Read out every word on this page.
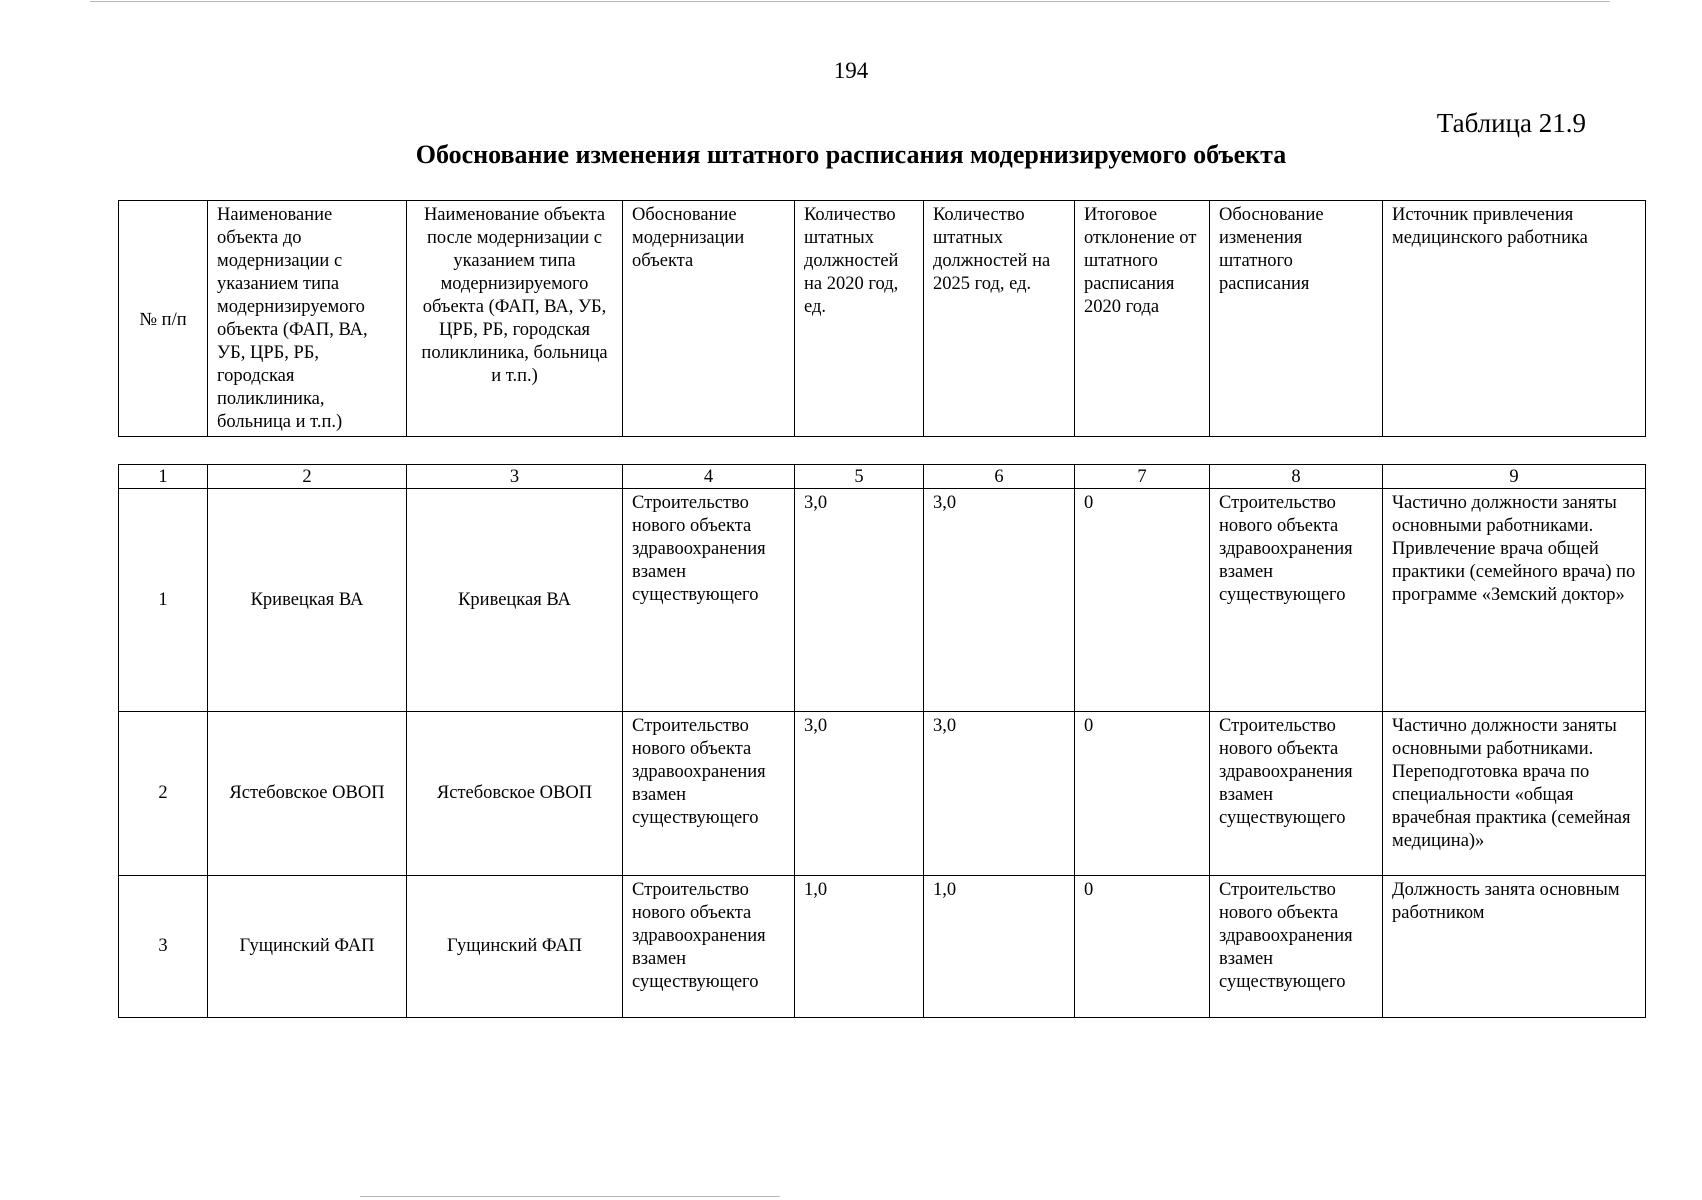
194
Таблица 21.9
Обоснование изменения штатного расписания модернизируемого объекта
№ п/п	Наименование объекта до модернизации с указанием типа модернизируемого объекта (ФАП, ВА, УБ, ЦРБ, РБ, городская поликлиника, больница и т.п.)	Наименование объекта после модернизации с указанием типа модернизируемого объекта (ФАП, ВА, УБ, ЦРБ, РБ, городская поликлиника, больница и т.п.)	Обоснование модернизации объекта	Количество штатных должностей на 2020 год, ед.	Количество штатных должностей на 2025 год, ед.	Итоговое отклонение от штатного расписания 2020 года	Обоснование изменения штатного расписания	Источник привлечения медицинского работника
1	2	3	4	5	6	7	8	9
1	Кривецкая ВА	Кривецкая ВА	Строительство нового объекта здравоохранения взамен существующего	3,0	3,0	0	Строительство нового объекта здравоохранения взамен существующего	Частично должности заняты основными работниками. Привлечение врача общей практики (семейного врача) по программе «Земский доктор»
2	Ястебовское ОВОП	Ястебовское ОВОП	Строительство нового объекта здравоохранения взамен существующего	3,0	3,0	0	Строительство нового объекта здравоохранения взамен существующего	Частично должности заняты основными работниками. Переподготовка врача по специальности «общая врачебная практика (семейная медицина)»
3	Гущинский ФАП	Гущинский ФАП	Строительство нового объекта здравоохранения взамен существующего	1,0	1,0	0	Строительство нового объекта здравоохранения взамен существующего	Должность занята основным работником
